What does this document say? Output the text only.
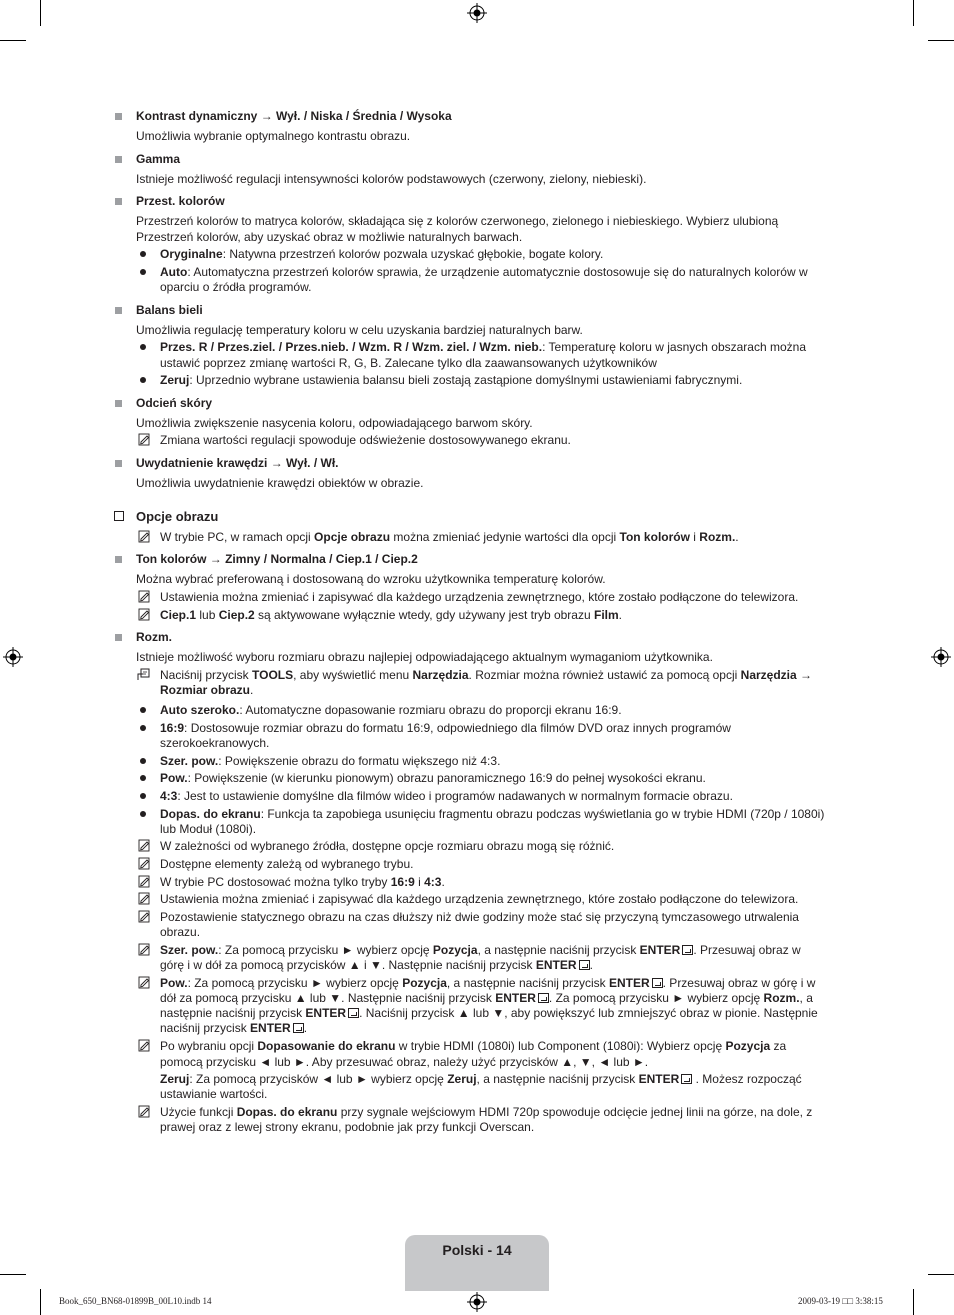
Kontrast dynamiczny → Wył. / Niska / Średnia / Wysoka
Umożliwia wybranie optymalnego kontrastu obrazu.
Gamma
Istnieje możliwość regulacji intensywności kolorów podstawowych (czerwony, zielony, niebieski).
Przest. kolorów
Przestrzeń kolorów to matryca kolorów, składająca się z kolorów czerwonego, zielonego i niebieskiego. Wybierz ulubioną
Przestrzeń kolorów, aby uzyskać obraz w możliwie naturalnych barwach.
Oryginalne: Natywna przestrzeń kolorów pozwala uzyskać głębokie, bogate kolory.
Auto: Automatyczna przestrzeń kolorów sprawia, że urządzenie automatycznie dostosowuje się do naturalnych kolorów w
oparciu o źródła programów.
Balans bieli
Umożliwia regulację temperatury koloru w celu uzyskania bardziej naturalnych barw.
Przes. R / Przes.ziel. / Przes.nieb. / Wzm. R / Wzm. ziel. / Wzm. nieb.: Temperaturę koloru w jasnych obszarach można
ustawić poprzez zmianę wartości R, G, B. Zalecane tylko dla zaawansowanych użytkowników
Zeruj: Uprzednio wybrane ustawienia balansu bieli zostają zastąpione domyślnymi ustawieniami fabrycznymi.
Odcień skóry
Umożliwia zwiększenie nasycenia koloru, odpowiadającego barwom skóry.
Zmiana wartości regulacji spowoduje odświeżenie dostosowywanego ekranu.
Uwydatnienie krawędzi → Wył. / Wł.
Umożliwia uwydatnienie krawędzi obiektów w obrazie.
Opcje obrazu
W trybie PC, w ramach opcji Opcje obrazu można zmieniać jedynie wartości dla opcji Ton kolorów i Rozm..
Ton kolorów → Zimny / Normalna / Ciep.1 / Ciep.2
Można wybrać preferowaną i dostosowaną do wzroku użytkownika temperaturę kolorów.
Ustawienia można zmieniać i zapisywać dla każdego urządzenia zewnętrznego, które zostało podłączone do telewizora.
Ciep.1 lub Ciep.2 są aktywowane wyłącznie wtedy, gdy używany jest tryb obrazu Film.
Rozm.
Istnieje możliwość wyboru rozmiaru obrazu najlepiej odpowiadającego aktualnym wymaganiom użytkownika.
Naciśnij przycisk TOOLS, aby wyświetlić menu Narzędzia. Rozmiar można również ustawić za pomocą opcji Narzędzia →
Rozmiar obrazu.
Auto szeroko.: Automatyczne dopasowanie rozmiaru obrazu do proporcji ekranu 16:9.
16:9: Dostosowuje rozmiar obrazu do formatu 16:9, odpowiedniego dla filmów DVD oraz innych programów
szerokoekranowych.
Szer. pow.: Powiększenie obrazu do formatu większego niż 4:3.
Pow.: Powiększenie (w kierunku pionowym) obrazu panoramicznego 16:9 do pełnej wysokości ekranu.
4:3: Jest to ustawienie domyślne dla filmów wideo i programów nadawanych w normalnym formacie obrazu.
Dopas. do ekranu: Funkcja ta zapobiega usunięciu fragmentu obrazu podczas wyświetlania go w trybie HDMI (720p / 1080i)
lub Moduł (1080i).
W zależności od wybranego źródła, dostępne opcje rozmiaru obrazu mogą się różnić.
Dostępne elementy zależą od wybranego trybu.
W trybie PC dostosować można tylko tryby 16:9 i 4:3.
Ustawienia można zmieniać i zapisywać dla każdego urządzenia zewnętrznego, które zostało podłączone do telewizora.
Pozostawienie statycznego obrazu na czas dłuższy niż dwie godziny może stać się przyczyną tymczasowego utrwalenia
obrazu.
Szer. pow.: Za pomocą przycisku ► wybierz opcję Pozycja, a następnie naciśnij przycisk ENTER . Przesuwaj obraz w
górę i w dół za pomocą przycisków ▲ i ▼. Następnie naciśnij przycisk ENTER .
Pow.: Za pomocą przycisku ► wybierz opcję Pozycja, a następnie naciśnij przycisk ENTER . Przesuwaj obraz w górę i w
dół za pomocą przycisku ▲ lub ▼. Następnie naciśnij przycisk ENTER . Za pomocą przycisku ► wybierz opcję Rozm., a
następnie naciśnij przycisk ENTER . Naciśnij przycisk ▲ lub ▼, aby powiększyć lub zmniejszyć obraz w pionie. Następnie
naciśnij przycisk ENTER .
Po wybraniu opcji Dopasowanie do ekranu w trybie HDMI (1080i) lub Component (1080i): Wybierz opcję Pozycja za
pomocą przycisku ◄ lub ►. Aby przesuwać obraz, należy użyć przycisków ▲, ▼, ◄ lub ►.
Zeruj: Za pomocą przycisków ◄ lub ► wybierz opcję Zeruj, a następnie naciśnij przycisk ENTER . Możesz rozpocząć
ustawianie wartości.
Użycie funkcji Dopas. do ekranu przy sygnale wejściowym HDMI 720p spowoduje odcięcie jednej linii na górze, na dole, z
prawej oraz z lewej strony ekranu, podobnie jak przy funkcji Overscan.
Polski - 14
Book_650_BN68-01899B_00L10.indb 14	2009-03-19 □□ 3:38:15
